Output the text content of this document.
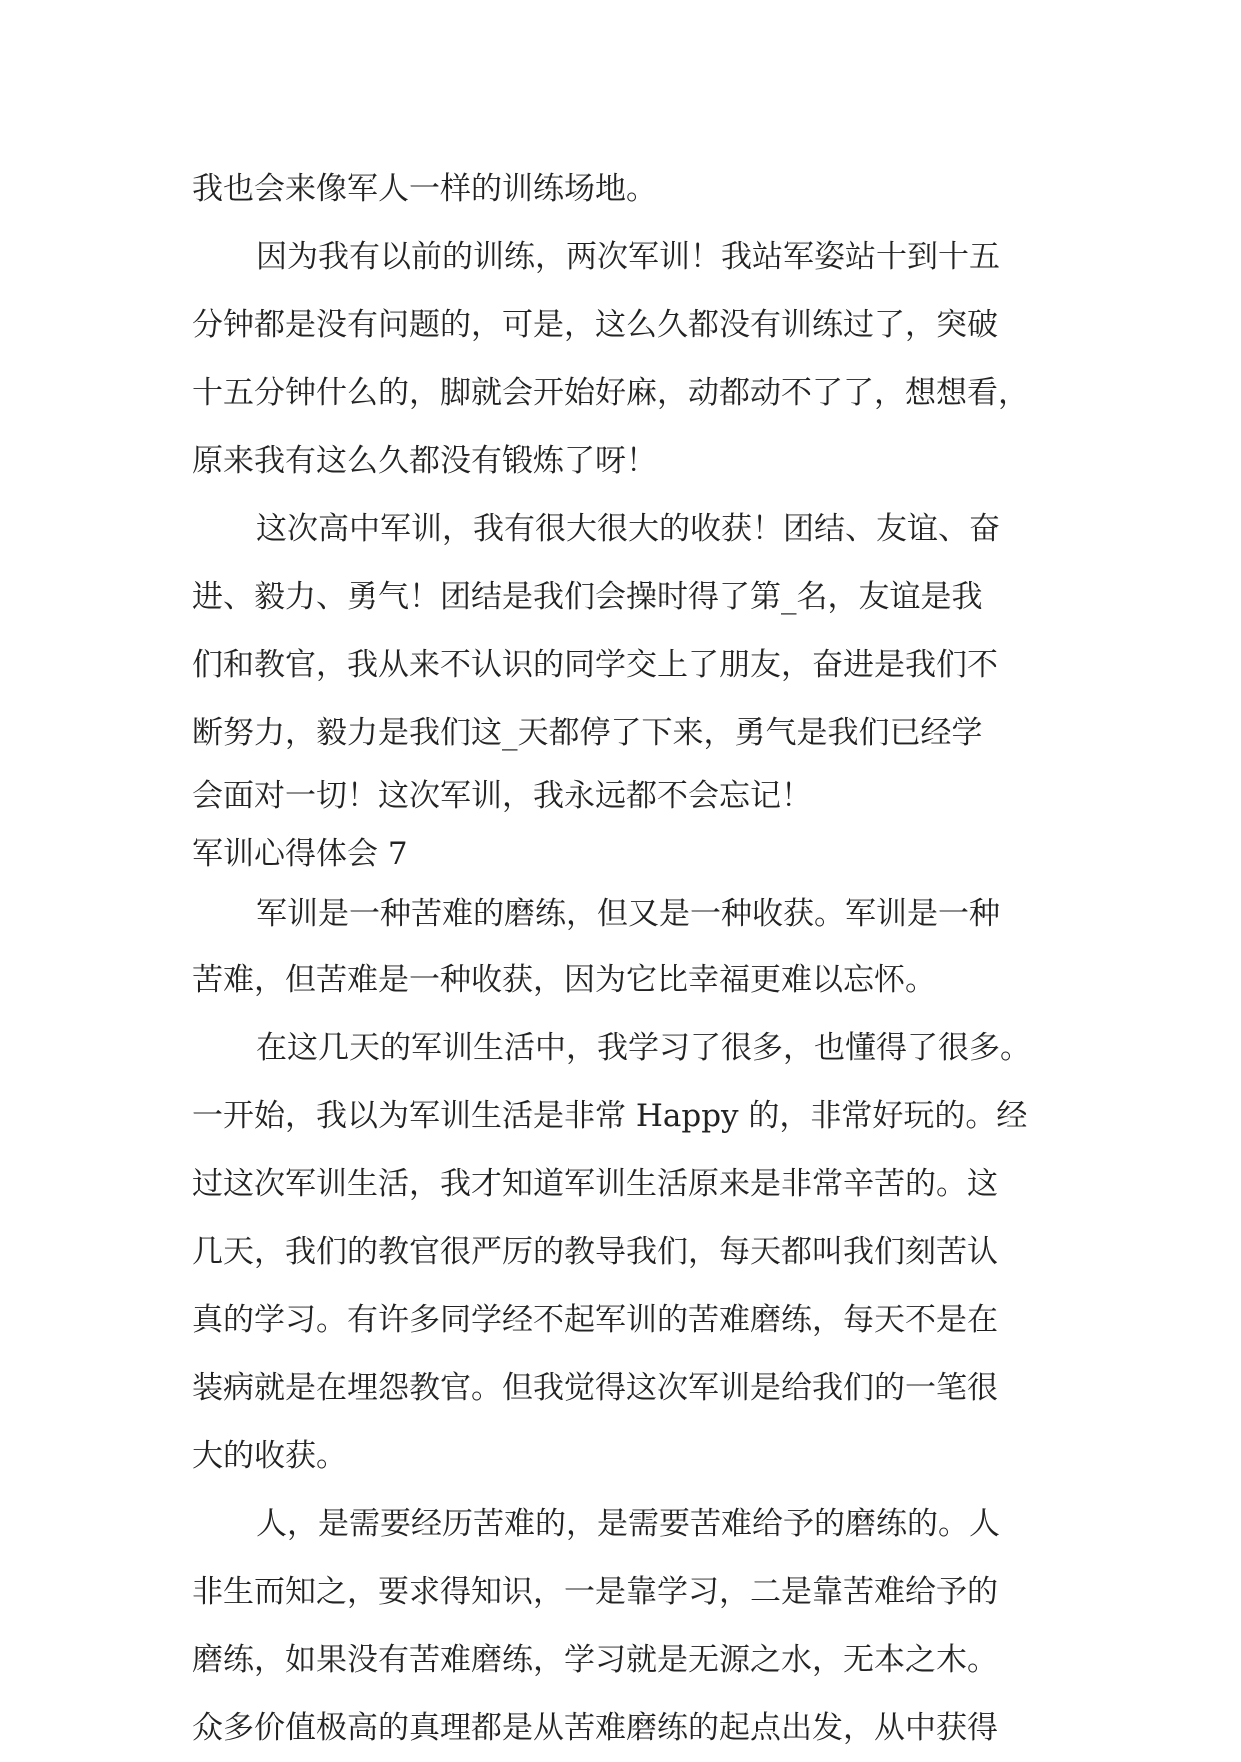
我也会来像军人一样的训练场地。
因为我有以前的训练，两次军训！我站军姿站十到十五
分钟都是没有问题的，可是，这么久都没有训练过了，突破
十五分钟什么的，脚就会开始好麻，动都动不了了，想想看，
原来我有这么久都没有锻炼了呀！
这次高中军训，我有很大很大的收获！团结、友谊、奋
进、毅力、勇气！团结是我们会操时得了第_名，友谊是我
们和教官，我从来不认识的同学交上了朋友，奋进是我们不
断努力，毅力是我们这_天都停了下来，勇气是我们已经学
会面对一切！这次军训，我永远都不会忘记！
军训心得体会 7
军训是一种苦难的磨练，但又是一种收获。军训是一种
苦难，但苦难是一种收获，因为它比幸福更难以忘怀。
在这几天的军训生活中，我学习了很多，也懂得了很多。
一开始，我以为军训生活是非常 Happy 的，非常好玩的。经
过这次军训生活，我才知道军训生活原来是非常辛苦的。这
几天，我们的教官很严厉的教导我们，每天都叫我们刻苦认
真的学习。有许多同学经不起军训的苦难磨练，每天不是在
装病就是在埋怨教官。但我觉得这次军训是给我们的一笔很
大的收获。
人，是需要经历苦难的，是需要苦难给予的磨练的。人
非生而知之，要求得知识，一是靠学习，二是靠苦难给予的
磨练，如果没有苦难磨练，学习就是无源之水，无本之木。
众多价值极高的真理都是从苦难磨练的起点出发，从中获得
